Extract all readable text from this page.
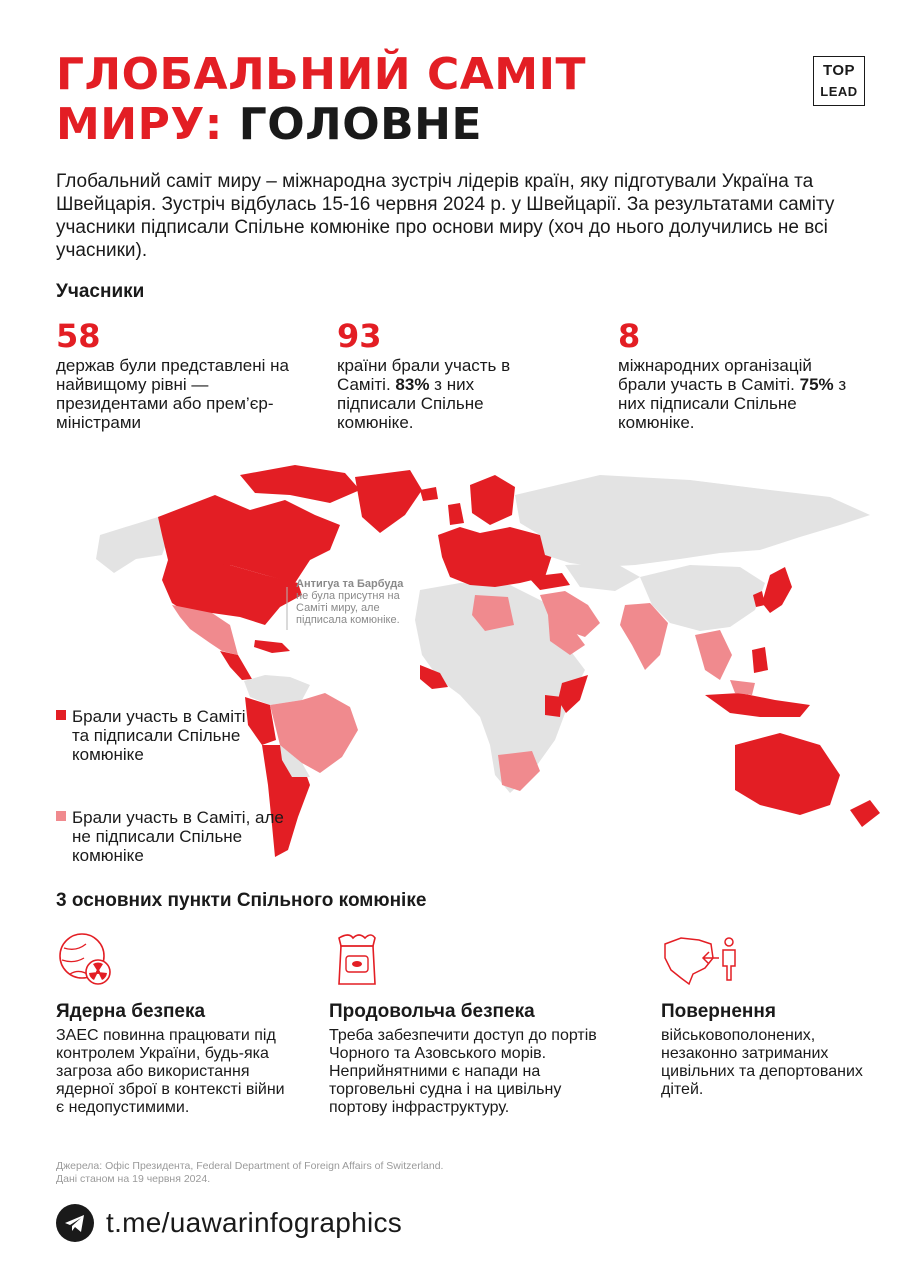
ГЛОБАЛЬНИЙ САМІТ
МИРУ: ГОЛОВНЕ
TOP
LEAD
Глобальний саміт миру – міжнародна зустріч лідерів країн, яку підготували Україна та Швейцарія. Зустріч відбулась 15-16 червня 2024 р. у Швейцарії. За результатами саміту учасники підписали Спільне комюніке про основи миру (хоч до нього долучились не всі учасники).
Учасники
58
держав були представлені на найвищому рівні — президентами або прем’єр-міністрами
93
країни брали участь в Саміті. 83% з них підписали Спільне комюніке.
8
міжнародних організацій брали участь в Саміті. 75% з них підписали Спільне комюніке.
Антигуа та Барбуда
не була присутня на Саміті миру, але підписала комюніке.
Брали участь в Саміті та підписали Спільне комюніке
Брали участь в Саміті, але не підписали Спільне комюніке
3 основних пункти Спільного комюніке
Ядерна безпека
ЗАЕС повинна працювати під контролем України, будь-яка загроза або використання ядерної зброї в контексті війни є недопустимими.
Продовольча безпека
Треба забезпечити доступ до портів Чорного та Азовського морів. Неприйнятними є напади на торговельні судна і на цивільну портову інфраструктуру.
Повернення
військовополонених, незаконно затриманих цивільних та депортованих дітей.
Джерела: Офіс Президента, Federal Department of Foreign Affairs of Switzerland.
Дані станом на 19 червня 2024.
t.me/uawarinfographics
